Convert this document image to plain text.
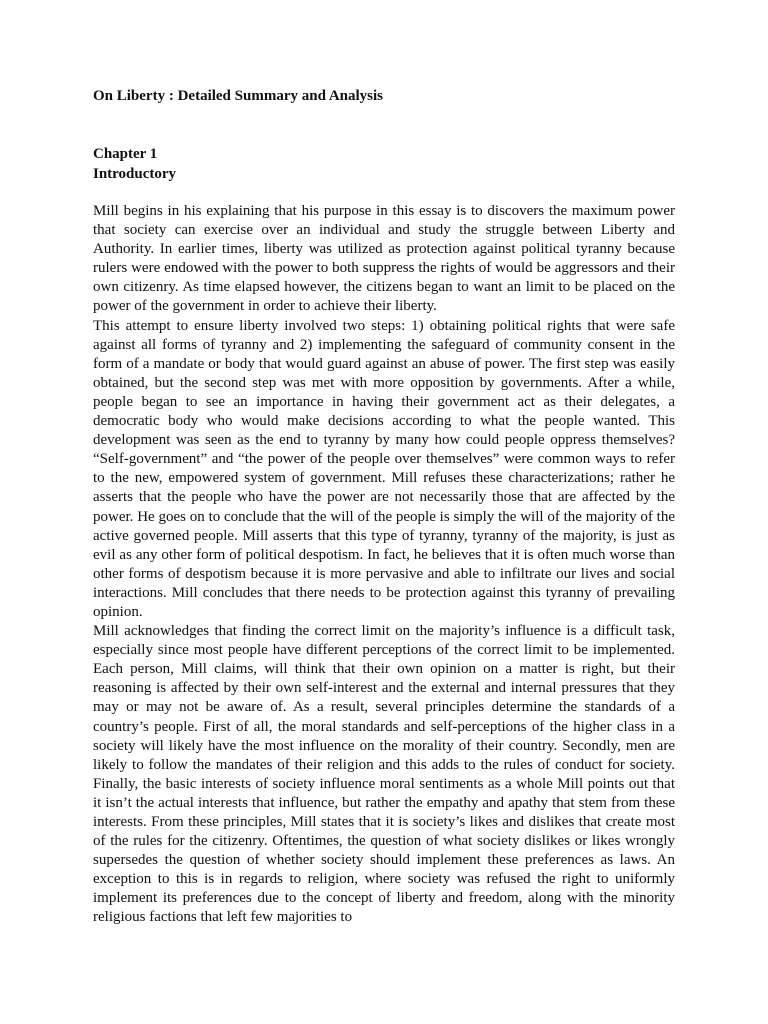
On Liberty : Detailed Summary and Analysis
Chapter 1
Introductory

Mill begins in his explaining that his purpose in this essay is to discovers the maximum power that society can exercise over an individual and study the struggle between Liberty and Authority. In earlier times, liberty was utilized as protection against political tyranny because rulers were endowed with the power to both suppress the rights of would be aggressors and their own citizenry. As time elapsed however, the citizens began to want an limit to be placed on the power of the government in order to achieve their liberty.

This attempt to ensure liberty involved two steps: 1) obtaining political rights that were safe against all forms of tyranny and 2) implementing the safeguard of community consent in the form of a mandate or body that would guard against an abuse of power. The first step was easily obtained, but the second step was met with more opposition by governments. After a while, people began to see an importance in having their government act as their delegates, a democratic body who would make decisions according to what the people wanted. This development was seen as the end to tyranny by many how could people oppress themselves? “Self-government” and “the power of the people over themselves” were common ways to refer to the new, empowered system of government. Mill refuses these characterizations; rather he asserts that the people who have the power are not necessarily those that are affected by the power. He goes on to conclude that the will of the people is simply the will of the majority of the active governed people. Mill asserts that this type of tyranny, tyranny of the majority, is just as evil as any other form of political despotism. In fact, he believes that it is often much worse than other forms of despotism because it is more pervasive and able to infiltrate our lives and social interactions. Mill concludes that there needs to be protection against this tyranny of prevailing opinion.

Mill acknowledges that finding the correct limit on the majority’s influence is a difficult task, especially since most people have different perceptions of the correct limit to be implemented. Each person, Mill claims, will think that their own opinion on a matter is right, but their reasoning is affected by their own self-interest and the external and internal pressures that they may or may not be aware of. As a result, several principles determine the standards of a country’s people. First of all, the moral standards and self-perceptions of the higher class in a society will likely have the most influence on the morality of their country. Secondly, men are likely to follow the mandates of their religion and this adds to the rules of conduct for society. Finally, the basic interests of society influence moral sentiments as a whole Mill points out that it isn’t the actual interests that influence, but rather the empathy and apathy that stem from these interests. From these principles, Mill states that it is society’s likes and dislikes that create most of the rules for the citizenry. Oftentimes, the question of what society dislikes or likes wrongly supersedes the question of whether society should implement these preferences as laws. An exception to this is in regards to religion, where society was refused the right to uniformly implement its preferences due to the concept of liberty and freedom, along with the minority religious factions that left few majorities to
